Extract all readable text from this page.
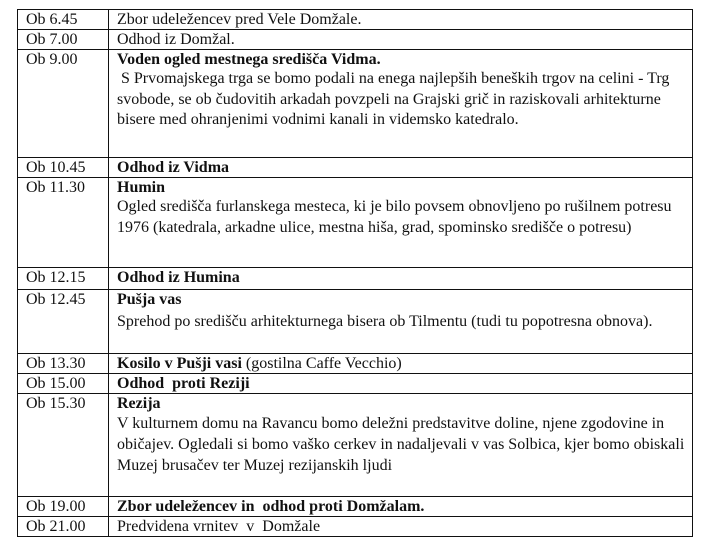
Ob 6.45	Zbor udeležencev pred Vele Domžale.
Ob 7.00	Odhod iz Domžal.
Ob 9.00	Voden ogled mestnega središča Vidma.
S Prvomajskega trga se bomo podali na enega najlepših beneških trgov na celini - Trg svobode, se ob čudovitih arkadah povzpeli na Grajski grič in raziskovali arhitekturne bisere med ohranjenimi vodnimi kanali in videmsko katedralo.

Ob 10.45	Odhod iz Vidma
Ob 11.30	Humin
Ogled središča furlanskega mesteca, ki je bilo povsem obnovljeno po rušilnem potresu 1976 (katedrala, arkadne ulice, mestna hiša, grad, spominsko središče o potresu)

Ob 12.15	Odhod iz Humina
Ob 12.45	Pušja vas
Sprehod po središču arhitekturnega bisera ob Tilmentu (tudi tu popotresna obnova).

Ob 13.30	Kosilo v Pušji vasi (gostilna Caffe Vecchio)
Ob 15.00	Odhod  proti Reziji
Ob 15.30	Rezija
V kulturnem domu na Ravancu bomo deležni predstavitve doline, njene zgodovine in običajev. Ogledali si bomo vaško cerkev in nadaljevali v vas Solbica, kjer bomo obiskali Muzej brusačev ter Muzej rezijanskih ljudi

Ob 19.00	Zbor udeležencev in  odhod proti Domžalam.
Ob 21.00	Predvidena vrnitev  v  Domžale
